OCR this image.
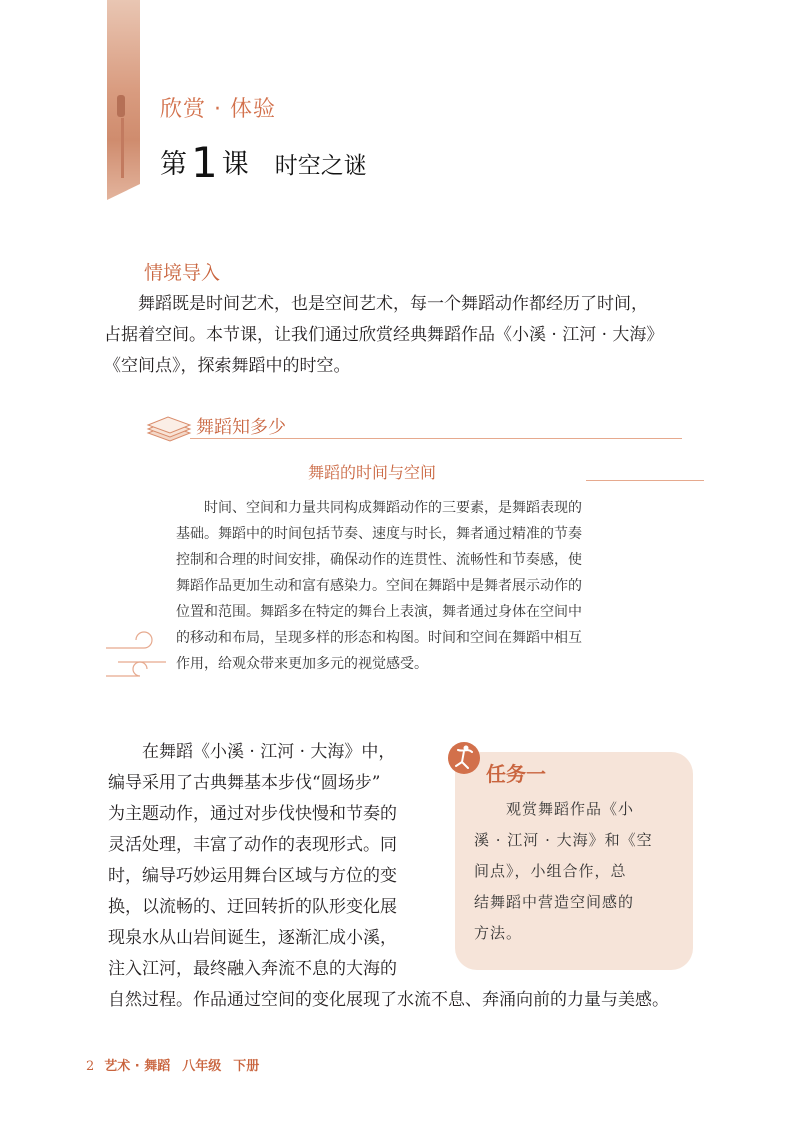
欣赏 · 体验
第1 课 时空之谜
情境导入

　　舞蹈既是时间艺术，也是空间艺术，每一个舞蹈动作都经历了时间，

占据着空间。本节课，让我们通过欣赏经典舞蹈作品《小溪 · 江河 · 大海》

《空间点》，探索舞蹈中的时空。

舞蹈知多少
舞蹈的时间与空间

　　时间、空间和力量共同构成舞蹈动作的三要素，是舞蹈表现的

基础。舞蹈中的时间包括节奏、速度与时长，舞者通过精准的节奏

控制和合理的时间安排，确保动作的连贯性、流畅性和节奏感，使

舞蹈作品更加生动和富有感染力。空间在舞蹈中是舞者展示动作的

位置和范围。舞蹈多在特定的舞台上表演，舞者通过身体在空间中

的移动和布局，呈现多样的形态和构图。时间和空间在舞蹈中相互

作用，给观众带来更加多元的视觉感受。

　　在舞蹈《小溪 · 江河 · 大海》中，

编导采用了古典舞基本步伐“圆场步”

为主题动作，通过对步伐快慢和节奏的

灵活处理，丰富了动作的表现形式。同

时，编导巧妙运用舞台区域与方位的变

换，以流畅的、迂回转折的队形变化展

现泉水从山岩间诞生，逐渐汇成小溪，

注入江河，最终融入奔流不息的大海的

自然过程。作品通过空间的变化展现了水流不息、奔涌向前的力量与美感。

任务一

　　观赏舞蹈作品《小

溪 · 江河 · 大海》和《空

间点》，小组合作，总

结舞蹈中营造空间感的

方法。

2 艺术 · 舞蹈 八年级 下册
